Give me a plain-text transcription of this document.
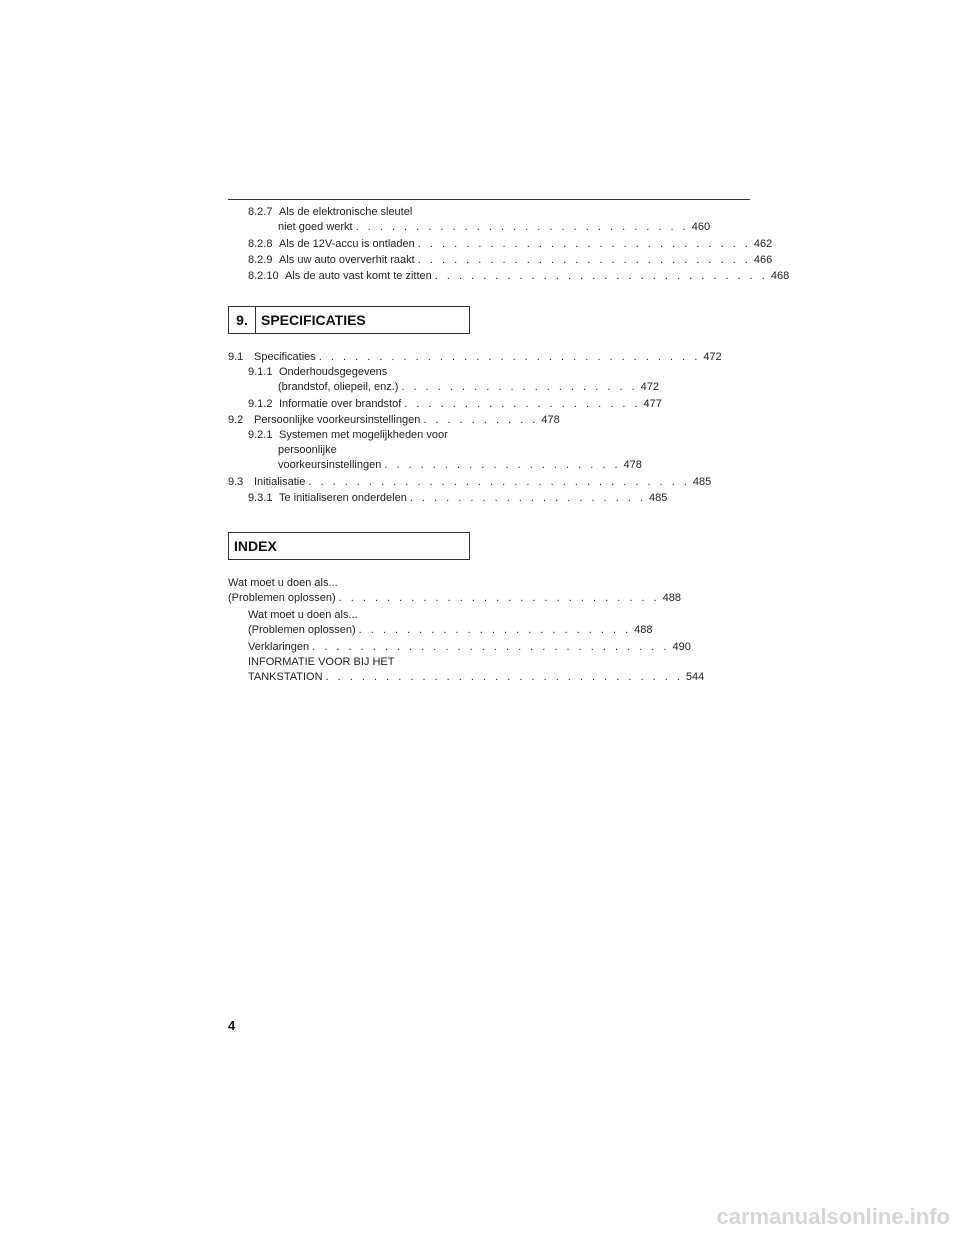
8.2.7 Als de elektronische sleutel
niet goed werkt . . . . . . . . . . . . . . . . . . . . . . . . . . . . 460
8.2.8 Als de 12V-accu is ontladen . . . . . . . . . . . . . . . . . . . . . . . . . . . . 462
8.2.9 Als uw auto oververhit raakt . . . . . . . . . . . . . . . . . . . . . . . . . . . . 466
8.2.10 Als de auto vast komt te zitten . . . . . . . . . . . . . . . . . . . . . . . . . . . . 468
9. SPECIFICATIES
9.1 Specificaties . . . . . . . . . . . . . . . . . . . . . . . . . . . . . . . . 472
9.1.1 Onderhoudsgegevens
(brandstof, oliepeil, enz.) . . . . . . . . . . . . . . . . . . . . 472
9.1.2 Informatie over brandstof . . . . . . . . . . . . . . . . . . . . 477
9.2 Persoonlijke voorkeursinstellingen . . . . . . . . . . 478
9.2.1 Systemen met mogelijkheden voor
persoonlijke
voorkeursinstellingen . . . . . . . . . . . . . . . . . . . . 478
9.3 Initialisatie . . . . . . . . . . . . . . . . . . . . . . . . . . . . . . . . 485
9.3.1 Te initialiseren onderdelen . . . . . . . . . . . . . . . . . . . . 485
INDEX
Wat moet u doen als...
(Problemen oplossen) . . . . . . . . . . . . . . . . . . . . . . . . . . . 488
Wat moet u doen als...
(Problemen oplossen) . . . . . . . . . . . . . . . . . . . . . . . 488
Verklaringen . . . . . . . . . . . . . . . . . . . . . . . . . . . . . . 490
INFORMATIE VOOR BIJ HET
TANKSTATION . . . . . . . . . . . . . . . . . . . . . . . . . . . . . . 544
4
carmanualsonline.info
